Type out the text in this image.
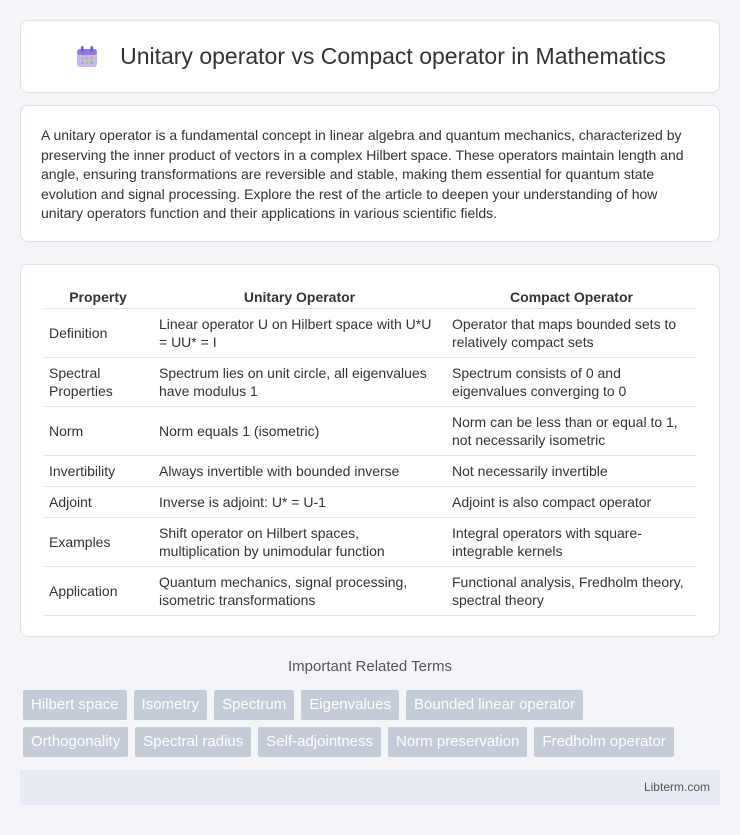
Unitary operator vs Compact operator in Mathematics

A unitary operator is a fundamental concept in linear algebra and quantum mechanics, characterized by preserving the inner product of vectors in a complex Hilbert space. These operators maintain length and angle, ensuring transformations are reversible and stable, making them essential for quantum state evolution and signal processing. Explore the rest of the article to deepen your understanding of how unitary operators function and their applications in various scientific fields.

Property	Unitary Operator	Compact Operator
Definition	Linear operator U on Hilbert space with U*U = UU* = I	Operator that maps bounded sets to relatively compact sets
Spectral Properties	Spectrum lies on unit circle, all eigenvalues have modulus 1	Spectrum consists of 0 and eigenvalues converging to 0
Norm	Norm equals 1 (isometric)	Norm can be less than or equal to 1, not necessarily isometric
Invertibility	Always invertible with bounded inverse	Not necessarily invertible
Adjoint	Inverse is adjoint: U* = U-1	Adjoint is also compact operator
Examples	Shift operator on Hilbert spaces, multiplication by unimodular function	Integral operators with square-integrable kernels
Application	Quantum mechanics, signal processing, isometric transformations	Functional analysis, Fredholm theory, spectral theory
Important Related Terms
Hilbert space	Isometry	Spectrum	Eigenvalues	Bounded linear operator
Orthogonality	Spectral radius	Self-adjointness	Norm preservation	Fredholm operator
Libterm.com
